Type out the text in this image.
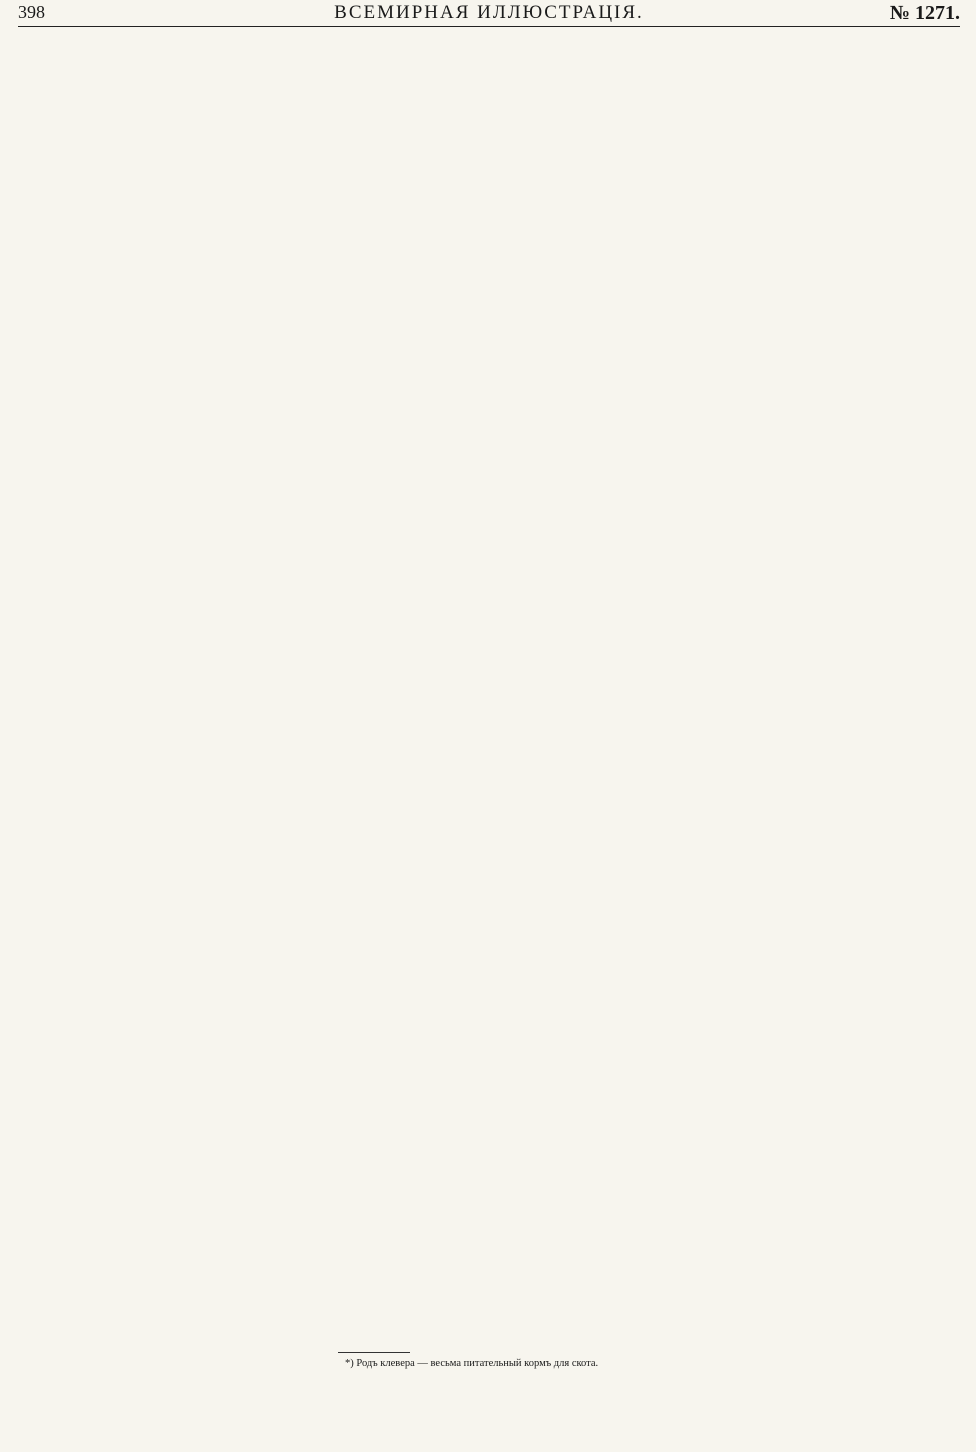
398	ВСЕМИРНАЯ ИЛЛЮСТРАЦІЯ.	№ 1271.
*) Родъ клевера — весьма питательный кормъ для скота.
